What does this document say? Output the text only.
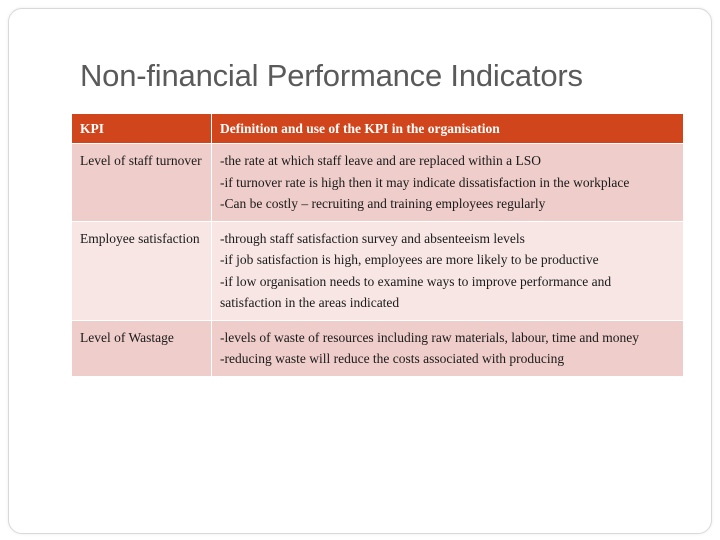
Non-financial Performance Indicators
KPI	Definition and use of the KPI in the organisation
Level of staff turnover	-the rate at which staff leave and are replaced within a LSO
-if turnover rate is high then it may indicate dissatisfaction in the workplace
-Can be costly – recruiting and training employees regularly

Employee satisfaction	-through staff satisfaction survey and absenteeism levels
-if job satisfaction is high, employees are more likely to be productive
-if low organisation needs to examine ways to improve performance and satisfaction in the areas indicated

Level of Wastage	-levels of waste of resources including raw materials, labour, time and money
-reducing waste will reduce the costs associated with producing
